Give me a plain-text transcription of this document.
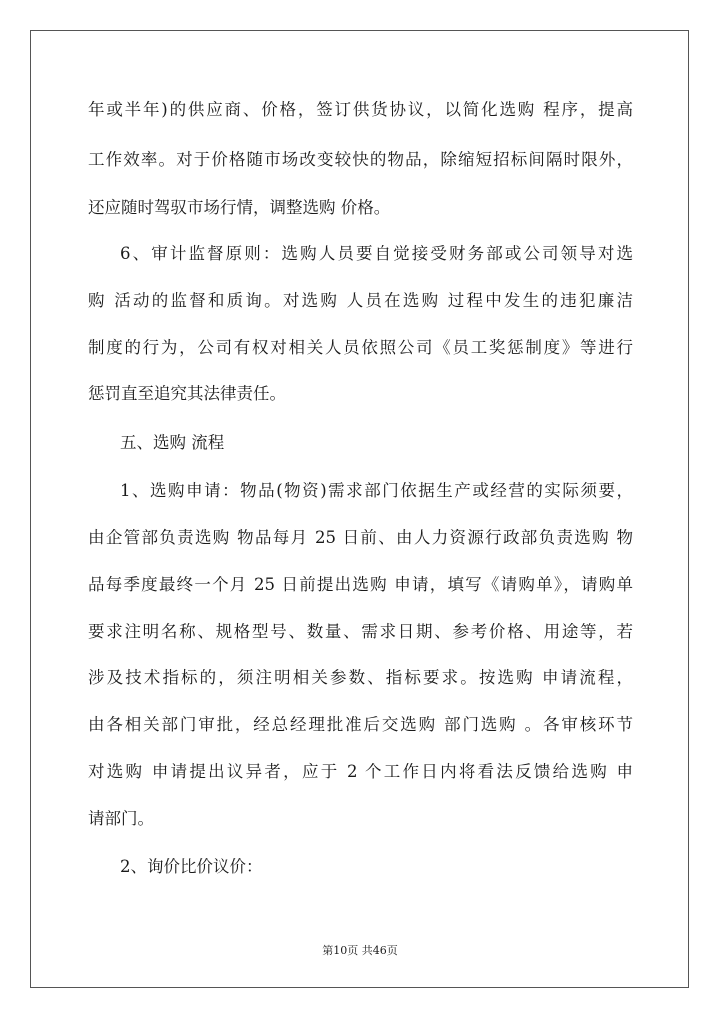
年或半年)的供应商、价格，签订供货协议，以简化选购 程序，提高
工作效率。对于价格随市场改变较快的物品，除缩短招标间隔时限外，
还应随时驾驭市场行情，调整选购 价格。
6、审计监督原则：选购人员要自觉接受财务部或公司领导对选
购 活动的监督和质询。对选购 人员在选购 过程中发生的违犯廉洁
制度的行为，公司有权对相关人员依照公司《员工奖惩制度》等进行
惩罚直至追究其法律责任。
五、选购 流程
1、选购申请：物品(物资)需求部门依据生产或经营的实际须要，
由企管部负责选购 物品每月 25 日前、由人力资源行政部负责选购 物
品每季度最终一个月 25 日前提出选购 申请，填写《请购单》，请购单
要求注明名称、规格型号、数量、需求日期、参考价格、用途等，若
涉及技术指标的，须注明相关参数、指标要求。按选购 申请流程，
由各相关部门审批，经总经理批准后交选购 部门选购 。各审核环节
对选购 申请提出议异者，应于 2 个工作日内将看法反馈给选购 申
请部门。
2、询价比价议价：
第10页 共46页
